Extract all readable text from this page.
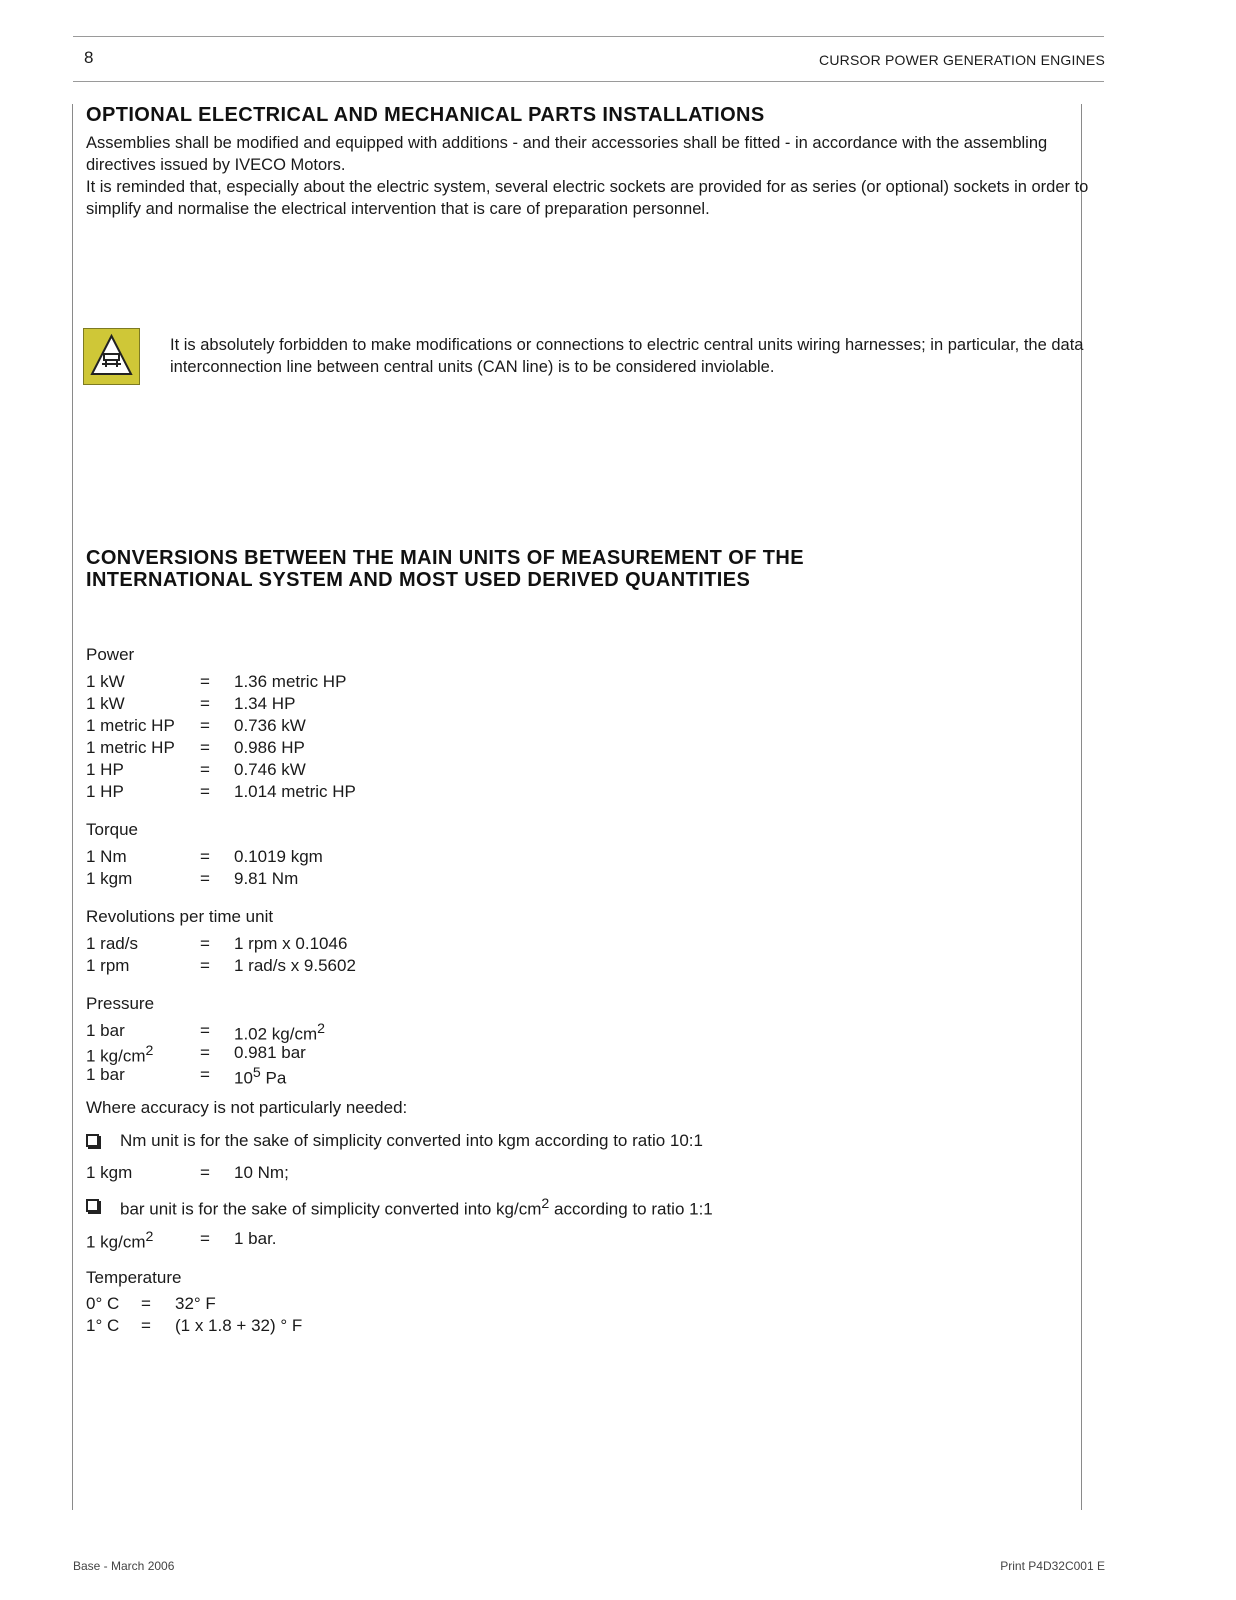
8	CURSOR POWER GENERATION ENGINES
OPTIONAL ELECTRICAL AND MECHANICAL PARTS INSTALLATIONS

Assemblies shall be modified and equipped with additions - and their accessories shall be fitted - in accordance with the assembling directives issued by IVECO Motors.

It is reminded that, especially about the electric system, several electric sockets are provided for as series (or optional) sockets in order to simplify and normalise the electrical intervention that is care of preparation personnel.

It is absolutely forbidden to make modifications or connections to electric central units wiring harnesses; in particular, the data interconnection line between central units (CAN line) is to be considered inviolable.

CONVERSIONS BETWEEN THE MAIN UNITS OF MEASUREMENT OF THE
INTERNATIONAL SYSTEM AND MOST USED DERIVED QUANTITIES
Power
1 kW	= 1.36 metric HP
1 kW	= 1.34 HP
1 metric HP = 0.736 kW
1 metric HP = 0.986 HP
1 HP	= 0.746 kW
1 HP	= 1.014 metric HP
Torque
1 Nm	= 0.1019 kgm
1 kgm	= 9.81 Nm
Revolutions per time unit
1 rad/s	= 1 rpm x 0.1046
1 rpm	= 1 rad/s x 9.5602
Pressure
1 bar	= 1.02 $kg/cm^2$
1 $kg/cm^2$	= 0.981 bar
1 bar	= $10^5$ Pa
Where accuracy is not particularly needed:
Nm unit is for the sake of simplicity converted into kgm according to ratio 10:1
1 kgm	= 10 Nm;
bar unit is for the sake of simplicity converted into $kg/cm^2$ according to ratio 1:1
1 $kg/cm^2$	= 1 bar.
Temperature
0° C = 32° F
1° C = (1 x 1.8 + 32) ° F
Base - March 2006	Print P4D32C001 E
